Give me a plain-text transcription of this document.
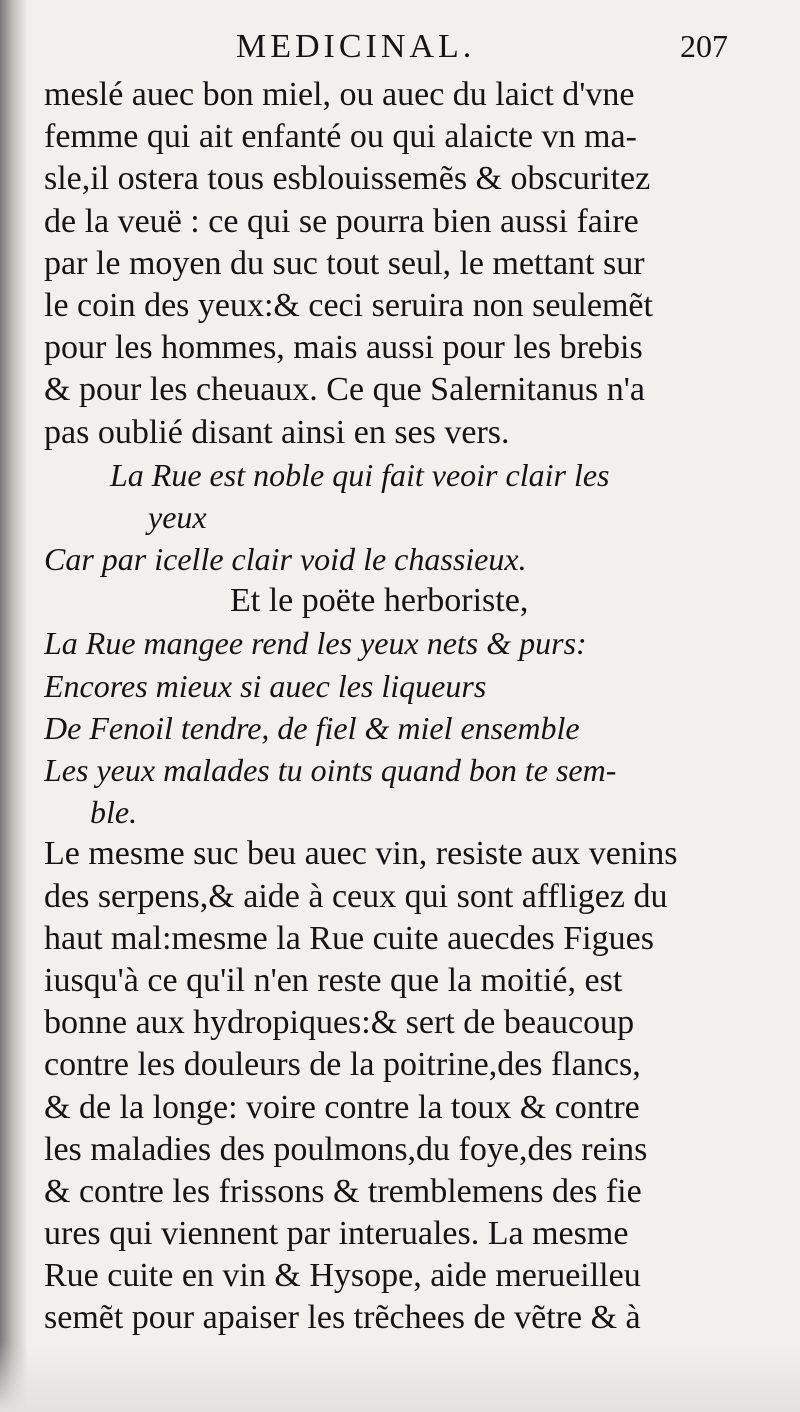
MEDICINAL.	207
meslé auec bon miel, ou auec du laict d'vne
femme qui ait enfanté ou qui alaicte vn ma-
sle,il ostera tous esblouissemẽs & obscuritez
de la veuë : ce qui se pourra bien aussi faire
par le moyen du suc tout seul, le mettant sur
le coin des yeux:& ceci seruira non seulemẽt
pour les hommes, mais aussi pour les brebis
& pour les cheuaux. Ce que Salernitanus n'a
pas oublié disant ainsi en ses vers.
La Rue est noble qui fait veoir clair les
yeux
Car par icelle clair void le chassieux.
Et le poëte herboriste,
La Rue mangee rend les yeux nets & purs:
Encores mieux si auec les liqueurs
De Fenoil tendre, de fiel & miel ensemble
Les yeux malades tu oints quand bon te sem-
ble.
Le mesme suc beu auec vin, resiste aux venins
des serpens,& aide à ceux qui sont affligez du
haut mal:mesme la Rue cuite auecdes Figues
iusqu'à ce qu'il n'en reste que la moitié, est
bonne aux hydropiques:& sert de beaucoup
contre les douleurs de la poitrine,des flancs,
& de la longe: voire contre la toux & contre
les maladies des poulmons,du foye,des reins
& contre les frissons & tremblemens des fie
ures qui viennent par interuales. La mesme
Rue cuite en vin & Hysope, aide merueilleu
semẽt pour apaiser les trẽchees de vẽtre & à
